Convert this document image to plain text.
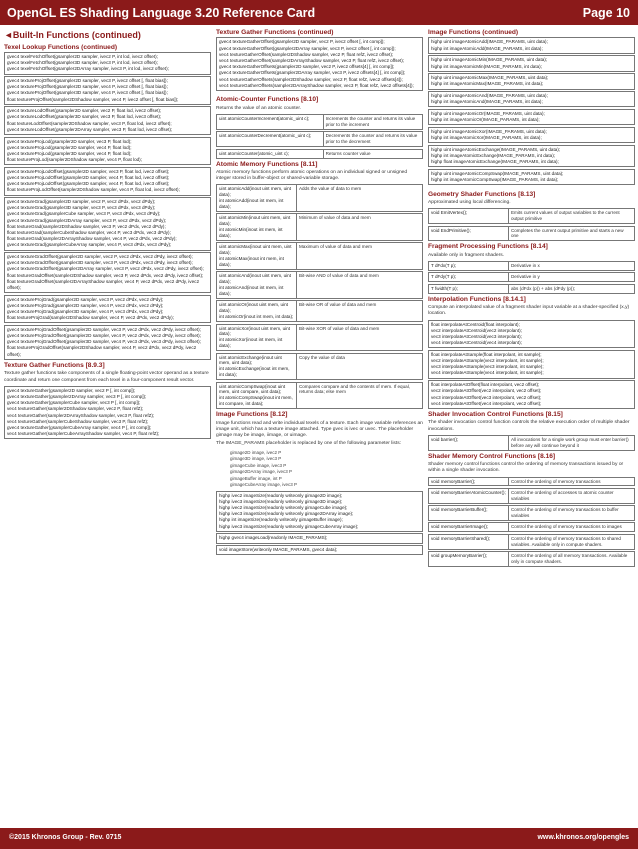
OpenGL ES Shading Language 3.20 Reference Card	Page 10
◄Built-In Functions (continued)
Texel Lookup Functions (continued)
gvec4 texelFetchOffset(gsampler2D sampler, ivec2 P, int lod, ivec2 offset);
gvec4 texelFetchOffset(gsampler3D sampler, ivec3 P, int lod, ivec3 offset);
gvec4 texelFetchOffset(gsampler2DArray sampler, ivec3 P, int lod, ivec2 offset);
gvec4 textureProjOffset(gsampler2D sampler, vec3 P, ivec2 offset [, float bias]);
gvec4 textureProjOffset(gsampler2D sampler, vec4 P, ivec2 offset [, float bias]);
gvec4 textureProjOffset(gsampler3D sampler, vec4 P, ivec3 offset [, float bias]);
float textureProjOffset(sampler2DShadow sampler, vec4 P, ivec2 offset [, float bias]);
gvec4 textureLodOffset(gsampler2D sampler, vec2 P, float lod, ivec2 offset);
gvec4 textureLodOffset(gsampler3D sampler, vec3 P, float lod, ivec3 offset);
float textureLodOffset(sampler2DShadow sampler, vec3 P, float lod, ivec2 offset);
gvec4 textureLodOffset(gsampler2DArray sampler, vec3 P, float lod, ivec2 offset);
gvec4 textureProjLod(gsampler2D sampler, vec3 P, float lod);
gvec4 textureProjLod(gsampler2D sampler, vec4 P, float lod);
gvec4 textureProjLod(gsampler3D sampler, vec4 P, float lod);
float textureProjLod(sampler2DShadow sampler, vec4 P, float lod);
gvec4 textureProjLodOffset(gsampler2D sampler, vec3 P, float lod, ivec2 offset);
gvec4 textureProjLodOffset(gsampler2D sampler, vec4 P, float lod, ivec2 offset);
gvec4 textureProjLodOffset(gsampler3D sampler, vec4 P, float lod, ivec3 offset);
float textureProjLodOffset(sampler2DShadow sampler, vec4 P, float lod, ivec2 offset);
gvec4 textureGrad(gsampler2D sampler, vec2 P, vec2 dPdx, vec2 dPdy);
gvec4 textureGrad(gsampler3D sampler, vec3 P, vec3 dPdx, vec3 dPdy);
gvec4 textureGrad(gsamplerCube sampler, vec3 P, vec3 dPdx, vec3 dPdy);
gvec4 textureGrad(gsampler2DArray sampler, vec3 P, vec2 dPdx, vec2 dPdy);
float textureGrad(sampler2DShadow sampler, vec3 P, vec2 dPdx, vec2 dPdy);
float textureGrad(samplerCubeShadow sampler, vec4 P, vec3 dPdx, vec3 dPdy);
float textureGrad(sampler2DArrayShadow sampler, vec4 P, vec2 dPdx, vec2 dPdy);
gvec4 textureGrad(gsamplerCubeArray sampler, vec4 P, vec3 dPdx, vec3 dPdy);
gvec4 textureGradOffset(gsampler2D sampler, vec2 P, vec2 dPdx, vec2 dPdy, ivec2 offset);
gvec4 textureGradOffset(gsampler3D sampler, vec3 P, vec3 dPdx, vec3 dPdy, ivec3 offset);
gvec4 textureGradOffset(gsampler2DArray sampler, vec3 P, vec2 dPdx, vec2 dPdy, ivec2 offset);
float textureGradOffset(sampler2DShadow sampler, vec3 P, vec2 dPdx, vec2 dPdy, ivec2 offset);
float textureGradOffset(sampler2DArrayShadow sampler, vec4 P, vec2 dPdx, vec2 dPdy, ivec2 offset);
gvec4 textureProjGrad(gsampler2D sampler, vec3 P, vec2 dPdx, vec2 dPdy);
gvec4 textureProjGrad(gsampler2D sampler, vec4 P, vec2 dPdx, vec2 dPdy);
gvec4 textureProjGrad(gsampler3D sampler, vec4 P, vec3 dPdx, vec3 dPdy);
float textureProjGrad(sampler2DShadow sampler, vec4 P, vec2 dPdx, vec2 dPdy);
gvec4 textureProjGradOffset(gsampler2D sampler, vec3 P, vec2 dPdx, vec2 dPdy, ivec2 offset);
gvec4 textureProjGradOffset(gsampler2D sampler, vec4 P, vec2 dPdx, vec2 dPdy, ivec2 offset);
gvec4 textureProjGradOffset(gsampler3D sampler, vec4 P, vec3 dPdx, vec3 dPdy, ivec3 offset);
float textureProjGradOffset(sampler2DShadow sampler, vec4 P, vec2 dPdx, vec2 dPdy, ivec2 offset);
Texture Gather Functions [8.9.3]
Texture gather functions take components of a single floating-point vector operand as a texture coordinate and return one component from each texel in a four-component result vector.
gvec4 textureGather(gsampler2D sampler, vec2 P [, int comp]);
gvec4 textureGather(gsampler2DArray sampler, vec3 P [, int comp]);
gvec4 textureGather(gsamplerCube sampler, vec3 P [, int comp]);
vec4 textureGather(sampler2DShadow sampler, vec2 P, float refZ);
vec4 textureGather(sampler2DArrayShadow sampler, vec3 P, float refZ);
vec4 textureGather(samplerCubeShadow sampler, vec3 P, float refZ);
gvec4 textureGather(gsamplerCubeArray sampler, vec4 P [, int comp]);
vec4 textureGather(samplerCubeArrayShadow sampler, vec4 P, float refZ);
Texture Gather Functions (continued)
gvec4 textureGatherOffset(gsampler2D sampler, vec2 P, ivec2 offset [, int comp]);
gvec4 textureGatherOffset(gsampler2DArray sampler, vec3 P, ivec2 offset [, int comp]);
vec4 textureGatherOffset(sampler2DShadow sampler, vec2 P, float refZ, ivec2 offset);
vec4 textureGatherOffset(sampler2DArrayShadow sampler, vec3 P, float refZ, ivec2 offset);
gvec4 textureGatherOffsets(gsampler2D sampler, vec2 P, ivec2 offsets[4] [, int comp]);
gvec4 textureGatherOffsets(gsampler2DArray sampler, vec3 P, ivec2 offsets[4] [, int comp]);
vec4 textureGatherOffsets(sampler2DShadow sampler, vec2 P, float refZ, ivec2 offsets[4]);
vec4 textureGatherOffsets(sampler2DArrayShadow sampler, vec3 P, float refZ, ivec2 offsets[4]);
Atomic-Counter Functions [8.10]
Returns the value of an atomic counter.
uint atomicCounterIncrement(atomic_uint c);	Increments the counter and returns its value prior to the increment
uint atomicCounterDecrement(atomic_uint c);	Decrements the counter and returns its value prior to the decrement
uint atomicCounter(atomic_uint c);	Returns counter value
Atomic Memory Functions [8.11]
Atomic memory functions perform atomic operations on an individual signed or unsigned integer stored in buffer-object or shared-variable storage.
uint atomicAdd(inout uint mem, uint data);
int atomicAdd(inout int mem, int data);
Adds the value of data to mem
uint atomicMin(inout uint mem, uint data);
int atomicMin(inout int mem, int data);
Minimum of value of data and mem
uint atomicMax(inout uint mem, uint data);
int atomicMax(inout int mem, int data);
Maximum of value of data and mem
uint atomicAnd(inout uint mem, uint data);
int atomicAnd(inout int mem, int data);
Bit-wise AND of value of data and mem
uint atomicOr(inout uint mem, uint data);
int atomicOr(inout int mem, int data);
Bit-wise OR of value of data and mem
uint atomicXor(inout uint mem, uint data);
int atomicXor(inout int mem, int data);
Bit-wise XOR of value of data and mem
uint atomicExchange(inout uint mem, uint data);
int atomicExchange(inout int mem, int data);
Copy the value of data
uint atomicCompSwap(inout uint mem, uint compare, uint data);
int atomicCompSwap(inout int mem, int compare, int data);
Compares compare and the contents of mem. If equal, returns data; else mem
Image Functions [8.12]
Image functions read and write individual texels of a texture. Each image variable references an image unit, which has a texture image attached. Type gvec is ivec or uvec. The placeholder gimage may be image, iimage, or uimage.
The IMAGE_PARAMS placeholder is replaced by one of the following parameter lists:
gimage2D image, ivec2 P
gimage3D image, ivec3 P
gimageCube image, ivec3 P
gimage2DArray image, ivec3 P
gimageBuffer image, int P
gimageCubeArray image, ivec3 P
highp ivec2 imageSize(readonly writeonly gimage2D image);
highp ivec3 imageSize(readonly writeonly gimage3D image);
highp ivec2 imageSize(readonly writeonly gimageCube image);
highp ivec3 imageSize(readonly writeonly gimage2DArray image);
highp int imageSize(readonly writeonly gimageBuffer image);
highp ivec3 imageSize(readonly writeonly gimageCubeArray image);
highp gvec4 imageLoad(readonly IMAGE_PARAMS);
void imageStore(writeonly IMAGE_PARAMS, gvec4 data);
Image Functions (continued)
highp uint imageAtomicAdd(IMAGE_PARAMS, uint data);
highp int imageAtomicAdd(IMAGE_PARAMS, int data);
highp uint imageAtomicMin(IMAGE_PARAMS, uint data);
highp int imageAtomicMin(IMAGE_PARAMS, int data);
highp uint imageAtomicMax(IMAGE_PARAMS, uint data);
highp int imageAtomicMax(IMAGE_PARAMS, int data);
highp uint imageAtomicAnd(IMAGE_PARAMS, uint data);
highp int imageAtomicAnd(IMAGE_PARAMS, int data);
highp uint imageAtomicOr(IMAGE_PARAMS, uint data);
highp int imageAtomicOr(IMAGE_PARAMS, int data);
highp uint imageAtomicXor(IMAGE_PARAMS, uint data);
highp int imageAtomicXor(IMAGE_PARAMS, int data);
highp uint imageAtomicExchange(IMAGE_PARAMS, uint data);
highp int imageAtomicExchange(IMAGE_PARAMS, int data);
highp float imageAtomicExchange(IMAGE_PARAMS, int data);
highp uint imageAtomicCompSwap(IMAGE_PARAMS, uint data);
highp int imageAtomicCompSwap(IMAGE_PARAMS, int data);
Geometry Shader Functions [8.13]
Approximated using local differencing.
void EmitVertex();	Emits current values of output variables to the current output primitive
void EndPrimitive();	Completes the current output primitive and starts a new one
Fragment Processing Functions [8.14]
Available only in fragment shaders.
T dFdx(T p);	Derivative in x
T dFdy(T p);	Derivative in y
T fwidth(T p);	abs (dFdx (p)) + abs (dFdy (p));
Interpolation Functions [8.14.1]
Compute an interpolated value of a fragment shader input variable at a shader-specified (x,y) location.
float interpolateAtCentroid(float interpolant);
vec2 interpolateAtCentroid(vec2 interpolant);
vec3 interpolateAtCentroid(vec3 interpolant);
vec4 interpolateAtCentroid(vec4 interpolant);
float interpolateAtSample(float interpolant, int sample);
vec2 interpolateAtSample(vec2 interpolant, int sample);
vec3 interpolateAtSample(vec3 interpolant, int sample);
vec4 interpolateAtSample(vec4 interpolant, int sample);
float interpolateAtOffset(float interpolant, vec2 offset);
vec2 interpolateAtOffset(vec2 interpolant, vec2 offset);
vec3 interpolateAtOffset(vec3 interpolant, vec2 offset);
vec4 interpolateAtOffset(vec4 interpolant, vec2 offset);
Shader Invocation Control Functions [8.15]
The shader invocation control function controls the relative execution order of multiple shader invocations.
void barrier();	All invocations for a single work group must enter barrier() before any will continue beyond it
Shader Memory Control Functions [8.16]
Shader memory control functions control the ordering of memory transactions issued by or within a single shader invocation.
void memoryBarrier();	Control the ordering of memory transactions
void memoryBarrierAtomicCounter();	Control the ordering of accesses to atomic counter variables
void memoryBarrierBuffer();	Control the ordering of memory transactions to buffer variables
void memoryBarrierImage();	Control the ordering of memory transactions to images
void memoryBarrierShared();	Control the ordering of memory transactions to shared variables. Available only in compute shaders.
void groupMemoryBarrier();	Control the ordering of all memory transactions. Available only in compute shaders.
©2015 Khronos Group - Rev. 0715	www.khronos.org/opengles
